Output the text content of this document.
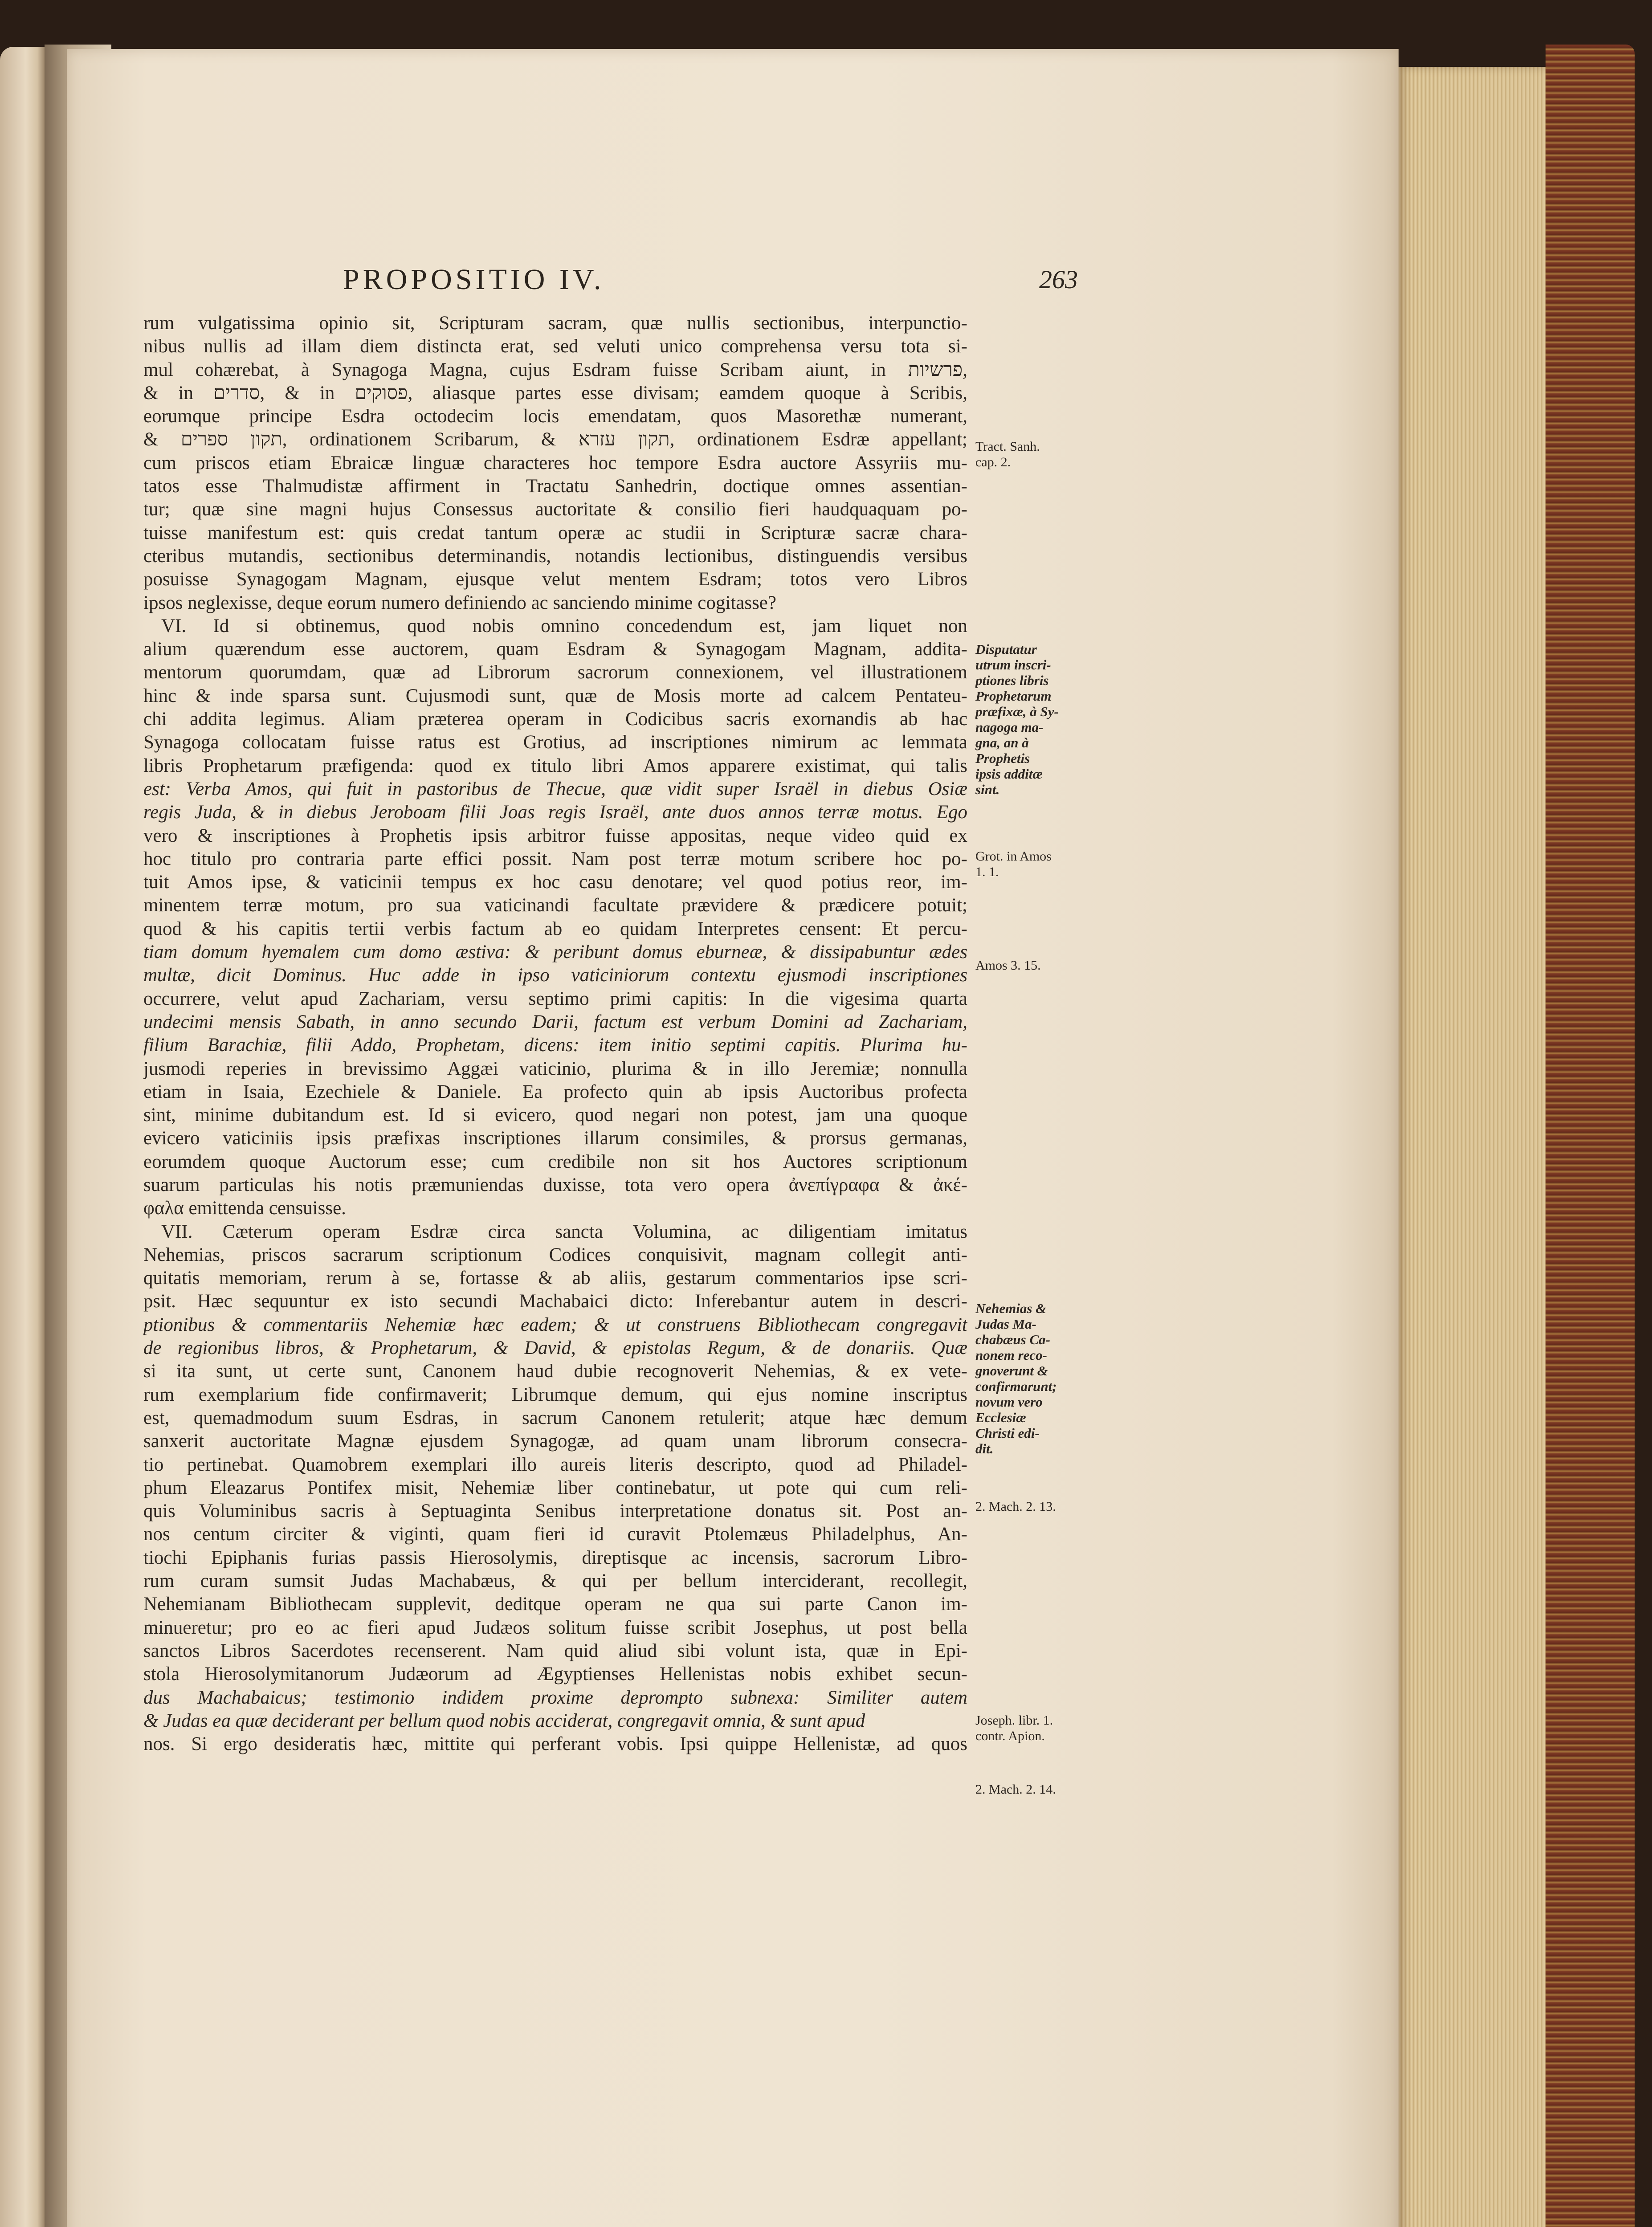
PROPOSITIO IV.	263
rum vulgatissima opinio sit, Scripturam sacram, quæ nullis sectionibus, interpunctio-
nibus nullis ad illam diem distincta erat, sed veluti unico comprehensa versu tota si-
mul cohærebat, à Synagoga Magna, cujus Esdram fuisse Scribam aiunt, in פרשיות,
& in סדרים, & in פסוקים, aliasque partes esse divisam; eamdem quoque à Scribis,
eorumque principe Esdra octodecim locis emendatam, quos Masorethæ numerant,
& תקון ספרים, ordinationem Scribarum, & תקון עזרא, ordinationem Esdræ appellant;
cum priscos etiam Ebraicæ linguæ characteres hoc tempore Esdra auctore Assyriis mu-
tatos esse Thalmudistæ affirment in Tractatu Sanhedrin, doctique omnes assentian-
tur; quæ sine magni hujus Consessus auctoritate & consilio fieri haudquaquam po-
tuisse manifestum est: quis credat tantum operæ ac studii in Scripturæ sacræ chara-
cteribus mutandis, sectionibus determinandis, notandis lectionibus, distinguendis versibus
posuisse Synagogam Magnam, ejusque velut mentem Esdram; totos vero Libros
ipsos neglexisse, deque eorum numero definiendo ac sanciendo minime cogitasse?
VI. Id si obtinemus, quod nobis omnino concedendum est, jam liquet non
alium quærendum esse auctorem, quam Esdram & Synagogam Magnam, addita-
mentorum quorumdam, quæ ad Librorum sacrorum connexionem, vel illustrationem
hinc & inde sparsa sunt. Cujusmodi sunt, quæ de Mosis morte ad calcem Pentateu-
chi addita legimus. Aliam præterea operam in Codicibus sacris exornandis ab hac
Synagoga collocatam fuisse ratus est Grotius, ad inscriptiones nimirum ac lemmata
libris Prophetarum præfigenda: quod ex titulo libri Amos apparere existimat, qui talis
est: Verba Amos, qui fuit in pastoribus de Thecue, quæ vidit super Israël in diebus Osiæ
regis Juda, & in diebus Jeroboam filii Joas regis Israël, ante duos annos terræ motus. Ego
vero & inscriptiones à Prophetis ipsis arbitror fuisse appositas, neque video quid ex
hoc titulo pro contraria parte effici possit. Nam post terræ motum scribere hoc po-
tuit Amos ipse, & vaticinii tempus ex hoc casu denotare; vel quod potius reor, im-
minentem terræ motum, pro sua vaticinandi facultate prævidere & prædicere potuit;
quod & his capitis tertii verbis factum ab eo quidam Interpretes censent: Et percu-
tiam domum hyemalem cum domo æstiva: & peribunt domus eburneæ, & dissipabuntur ædes
multæ, dicit Dominus. Huc adde in ipso vaticiniorum contextu ejusmodi inscriptiones
occurrere, velut apud Zachariam, versu septimo primi capitis: In die vigesima quarta
undecimi mensis Sabath, in anno secundo Darii, factum est verbum Domini ad Zachariam,
filium Barachiæ, filii Addo, Prophetam, dicens: item initio septimi capitis. Plurima hu-
jusmodi reperies in brevissimo Aggæi vaticinio, plurima & in illo Jeremiæ; nonnulla
etiam in Isaia, Ezechiele & Daniele. Ea profecto quin ab ipsis Auctoribus profecta
sint, minime dubitandum est. Id si evicero, quod negari non potest, jam una quoque
evicero vaticiniis ipsis præfixas inscriptiones illarum consimiles, & prorsus germanas,
eorumdem quoque Auctorum esse; cum credibile non sit hos Auctores scriptionum
suarum particulas his notis præmuniendas duxisse, tota vero opera ἀνεπίγραφα & ἀκέ-
φαλα emittenda censuisse.
VII. Cæterum operam Esdræ circa sancta Volumina, ac diligentiam imitatus
Nehemias, priscos sacrarum scriptionum Codices conquisivit, magnam collegit anti-
quitatis memoriam, rerum à se, fortasse & ab aliis, gestarum commentarios ipse scri-
psit. Hæc sequuntur ex isto secundi Machabaici dicto: Inferebantur autem in descri-
ptionibus & commentariis Nehemiæ hæc eadem; & ut construens Bibliothecam congregavit
de regionibus libros, & Prophetarum, & David, & epistolas Regum, & de donariis. Quæ
si ita sunt, ut certe sunt, Canonem haud dubie recognoverit Nehemias, & ex vete-
rum exemplarium fide confirmaverit; Librumque demum, qui ejus nomine inscriptus
est, quemadmodum suum Esdras, in sacrum Canonem retulerit; atque hæc demum
sanxerit auctoritate Magnæ ejusdem Synagogæ, ad quam unam librorum consecra-
tio pertinebat. Quamobrem exemplari illo aureis literis descripto, quod ad Philadel-
phum Eleazarus Pontifex misit, Nehemiæ liber continebatur, ut pote qui cum reli-
quis Voluminibus sacris à Septuaginta Senibus interpretatione donatus sit. Post an-
nos centum circiter & viginti, quam fieri id curavit Ptolemæus Philadelphus, An-
tiochi Epiphanis furias passis Hierosolymis, direptisque ac incensis, sacrorum Libro-
rum curam sumsit Judas Machabæus, & qui per bellum interciderant, recollegit,
Nehemianam Bibliothecam supplevit, deditque operam ne qua sui parte Canon im-
minueretur; pro eo ac fieri apud Judæos solitum fuisse scribit Josephus, ut post bella
sanctos Libros Sacerdotes recenserent. Nam quid aliud sibi volunt ista, quæ in Epi-
stola Hierosolymitanorum Judæorum ad Ægyptienses Hellenistas nobis exhibet secun-
dus Machabaicus; testimonio indidem proxime deprompto subnexa: Similiter autem
& Judas ea quæ deciderant per bellum quod nobis acciderat, congregavit omnia, & sunt apud
nos. Si ergo desideratis hæc, mittite qui perferant vobis. Ipsi quippe Hellenistæ, ad quos
Tract. Sanh.
cap. 2.
Disputatur
utrum inscri-
ptiones libris
Prophetarum
præfixæ, à Sy-
nagoga ma-
gna, an à
Prophetis
ipsis additæ
sint.
Grot. in Amos
1. 1.
Amos 3. 15.
Nehemias &
Judas Ma-
chabæus Ca-
nonem reco-
gnoverunt &
confirmarunt;
novum vero
Ecclesiæ
Christi edi-
dit.
2. Mach. 2. 13.
Joseph. libr. 1.
contr. Apion.
2. Mach. 2. 14.
